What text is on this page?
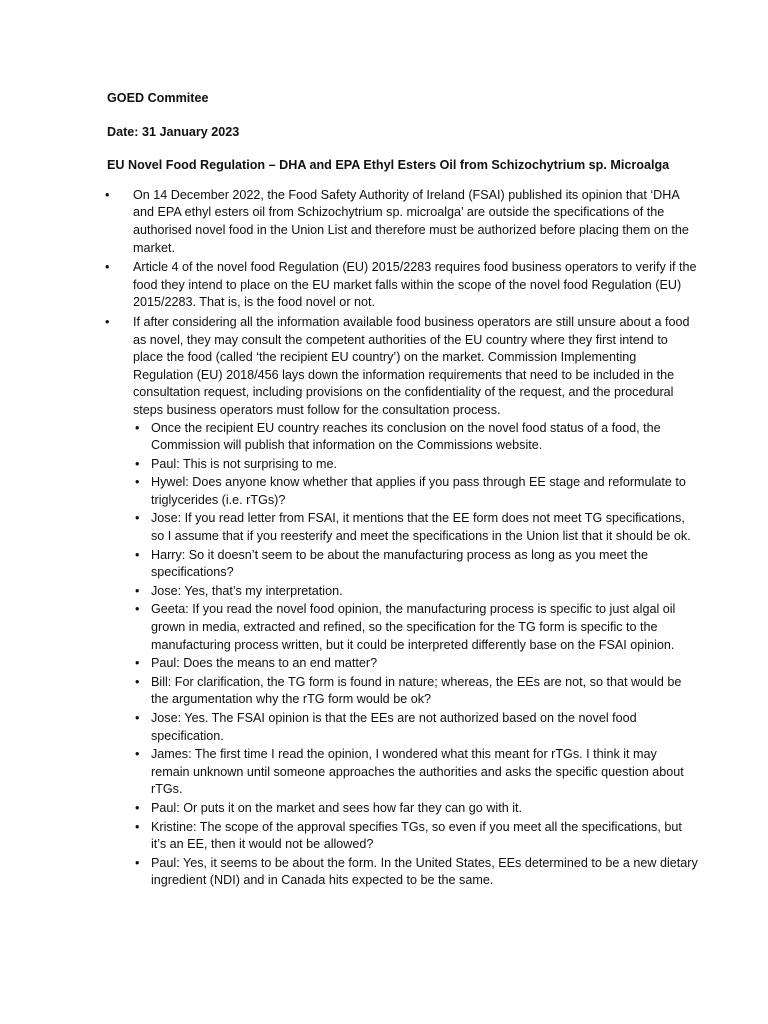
GOED Commitee

Date: 31 January 2023

EU Novel Food Regulation – DHA and EPA Ethyl Esters Oil from Schizochytrium sp. Microalga

• On 14 December 2022, the Food Safety Authority of Ireland (FSAI) published its opinion that ‘DHA and EPA ethyl esters oil from Schizochytrium sp. microalga’ are outside the specifications of the authorised novel food in the Union List and therefore must be authorized before placing them on the market.
• Article 4 of the novel food Regulation (EU) 2015/2283 requires food business operators to verify if the food they intend to place on the EU market falls within the scope of the novel food Regulation (EU) 2015/2283. That is, is the food novel or not.
• If after considering all the information available food business operators are still unsure about a food as novel, they may consult the competent authorities of the EU country where they first intend to place the food (called ‘the recipient EU country’) on the market. Commission Implementing Regulation (EU) 2018/456 lays down the information requirements that need to be included in the consultation request, including provisions on the confidentiality of the request, and the procedural steps business operators must follow for the consultation process.
• Once the recipient EU country reaches its conclusion on the novel food status of a food, the Commission will publish that information on the Commissions website.
• Paul: This is not surprising to me.
• Hywel: Does anyone know whether that applies if you pass through EE stage and reformulate to triglycerides (i.e. rTGs)?
• Jose: If you read letter from FSAI, it mentions that the EE form does not meet TG specifications, so I assume that if you reesterify and meet the specifications in the Union list that it should be ok.
• Harry: So it doesn’t seem to be about the manufacturing process as long as you meet the specifications?
• Jose: Yes, that’s my interpretation.
• Geeta: If you read the novel food opinion, the manufacturing process is specific to just algal oil grown in media, extracted and refined, so the specification for the TG form is specific to the manufacturing process written, but it could be interpreted differently base on the FSAI opinion.
• Paul: Does the means to an end matter?
• Bill: For clarification, the TG form is found in nature; whereas, the EEs are not, so that would be the argumentation why the rTG form would be ok?
• Jose: Yes. The FSAI opinion is that the EEs are not authorized based on the novel food specification.
• James: The first time I read the opinion, I wondered what this meant for rTGs. I think it may remain unknown until someone approaches the authorities and asks the specific question about rTGs.
• Paul: Or puts it on the market and sees how far they can go with it.
• Kristine: The scope of the approval specifies TGs, so even if you meet all the specifications, but it’s an EE, then it would not be allowed?
• Paul: Yes, it seems to be about the form. In the United States, EEs determined to be a new dietary ingredient (NDI) and in Canada hits expected to be the same.
